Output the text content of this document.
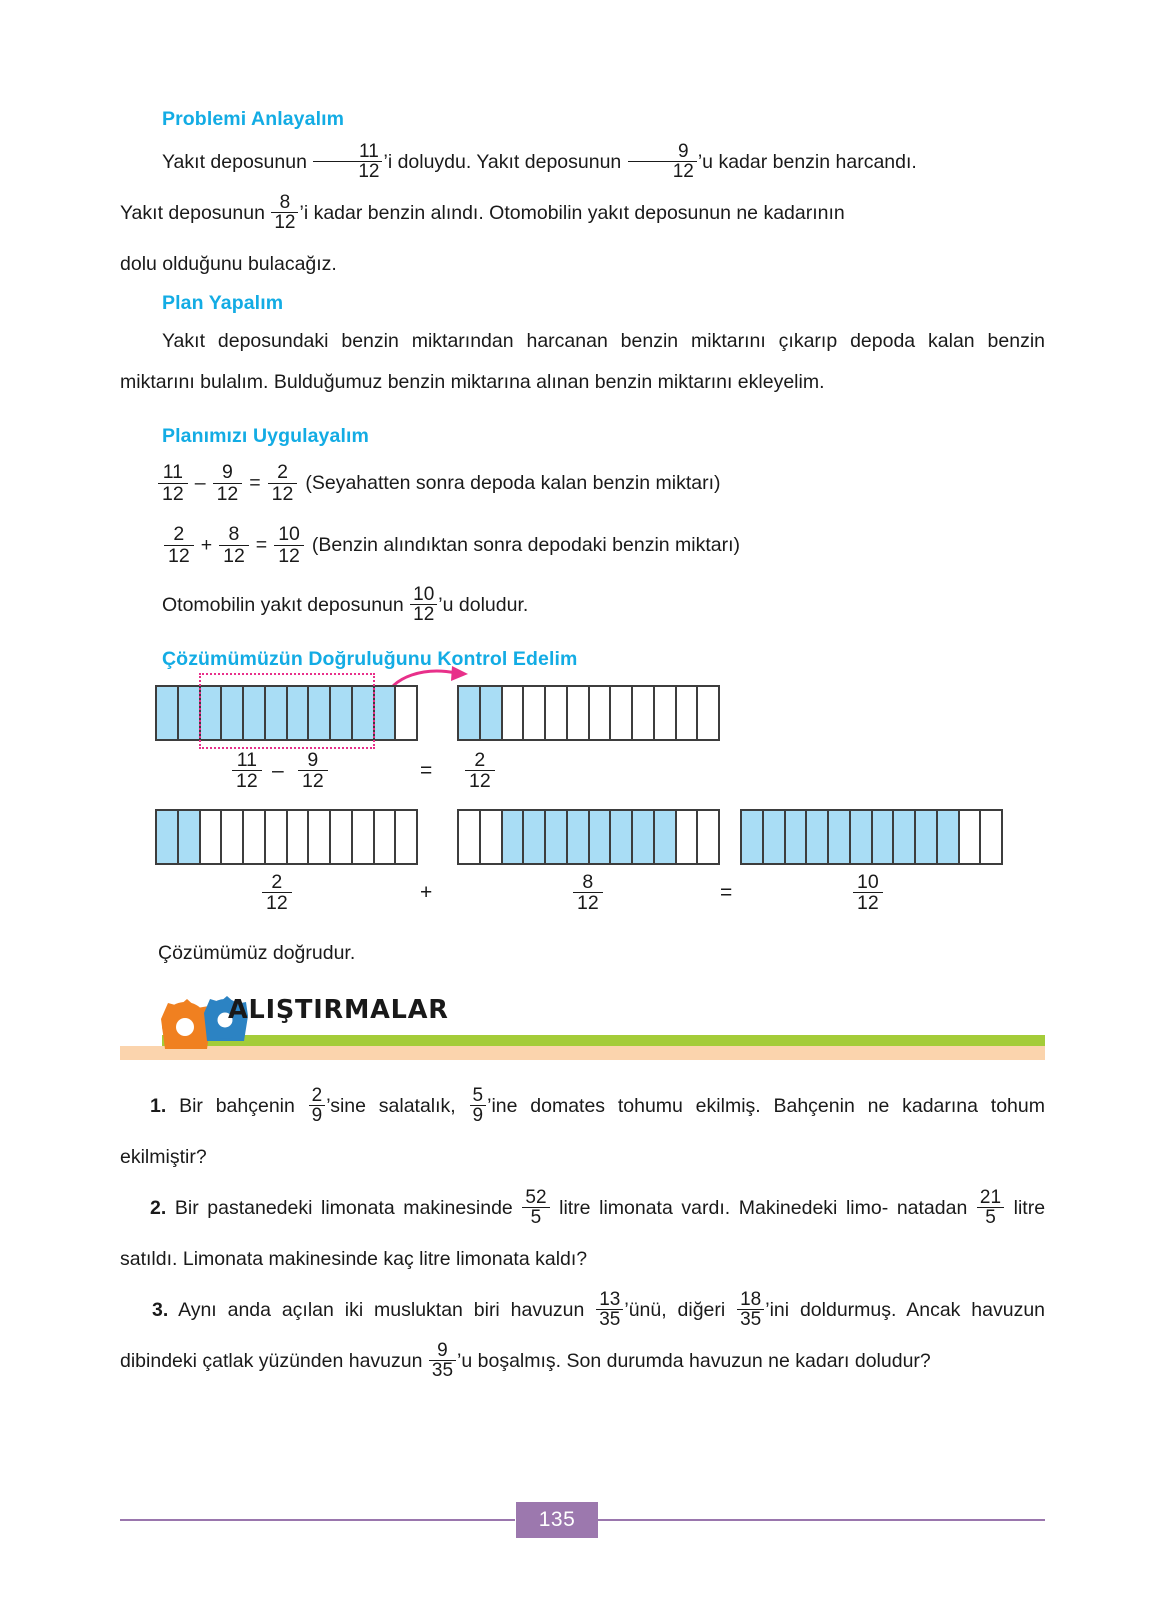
Problemi Anlayalım

Yakıt deposunun $\frac{11}{12}$ ’i doluydu. Yakıt deposunun $\frac{9}{12}$ ’u kadar benzin harcandı.

Yakıt deposunun $\frac{8}{12}$ ’i kadar benzin alındı. Otomobilin yakıt deposunun ne kadarının

dolu olduğunu bulacağız.

Plan Yapalım

Yakıt deposundaki benzin miktarından harcanan benzin miktarını çıkarıp depoda kalan benzin miktarını bulalım. Bulduğumuz benzin miktarına alınan benzin miktarını ekleyelim.

Planımızı Uygulayalım
$\frac{11}{12} - \frac{9}{12} = \frac{2}{12}$ (Seyahatten sonra depoda kalan benzin miktarı)
$\frac{2}{12} + \frac{8}{12} = \frac{10}{12}$ (Benzin alındıktan sonra depodaki benzin miktarı)

Otomobilin yakıt deposunun $\frac{10}{12}$ ’u doludur.

Çözümümüzün Doğruluğunu Kontrol Edelim
$\frac{11}{12} - \frac{9}{12}$	= $\frac{2}{12}$
$\frac{2}{12}$	+	$\frac{8}{12}$	=	$\frac{10}{12}$

Çözümümüz doğrudur.

ALIŞTIRMALAR

1. Bir bahçenin $\frac{2}{9}$ ’sine salatalık, $\frac{5}{9}$ ’ine domates tohumu ekilmiş. Bahçenin ne kadarına tohum ekilmiştir?

2. Bir pastanedeki limonata makinesinde $\frac{52}{5}$ litre limonata vardı. Makinedeki limo- natadan $\frac{21}{5}$ litre satıldı. Limonata makinesinde kaç litre limonata kaldı?

3. Aynı anda açılan iki musluktan biri havuzun $\frac{13}{35}$ ’ünü, diğeri $\frac{18}{35}$ ’ini doldurmuş. Ancak havuzun dibindeki çatlak yüzünden havuzun $\frac{9}{35}$ ’u boşalmış. Son durumda havuzun ne kadarı doludur?

135
